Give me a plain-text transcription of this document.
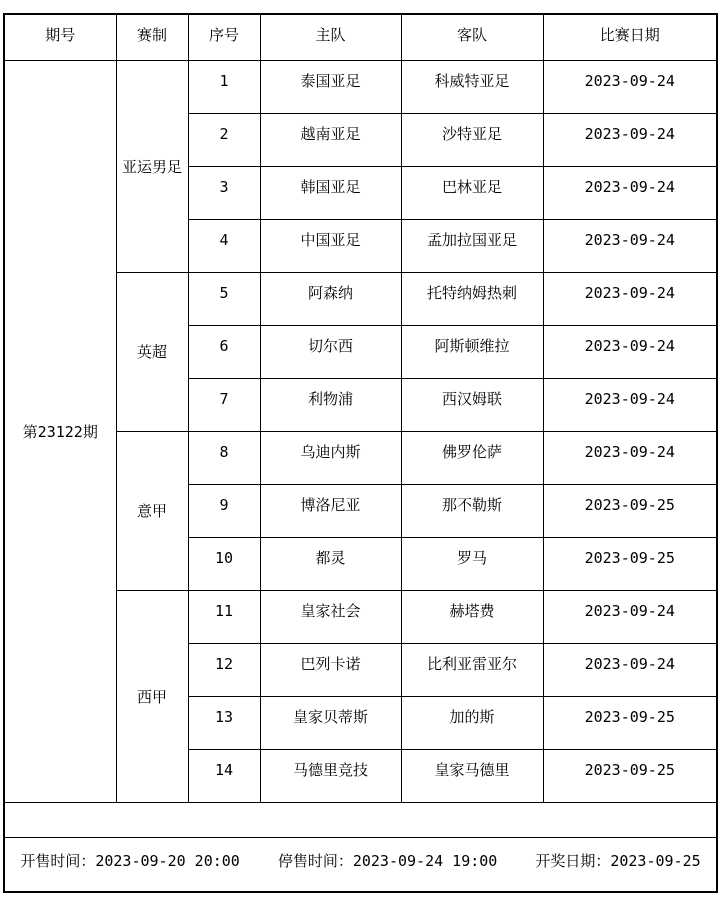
期号	赛制	序号	主队	客队	比赛日期
第23122期	亚运男足	1	泰国亚足	科威特亚足	2023-09-24
		2	越南亚足	沙特亚足	2023-09-24
		3	韩国亚足	巴林亚足	2023-09-24
		4	中国亚足	孟加拉国亚足	2023-09-24
	英超	5	阿森纳	托特纳姆热刺	2023-09-24
		6	切尔西	阿斯顿维拉	2023-09-24
		7	利物浦	西汉姆联	2023-09-24
	意甲	8	乌迪内斯	佛罗伦萨	2023-09-24
		9	博洛尼亚	那不勒斯	2023-09-25
		10	都灵	罗马	2023-09-25
	西甲	11	皇家社会	赫塔费	2023-09-24
		12	巴列卡诺	比利亚雷亚尔	2023-09-24
		13	皇家贝蒂斯	加的斯	2023-09-25
		14	马德里竞技	皇家马德里	2023-09-25

开售时间：2023-09-20 20:00 停售时间：2023-09-24 19:00 开奖日期：2023-09-25					
